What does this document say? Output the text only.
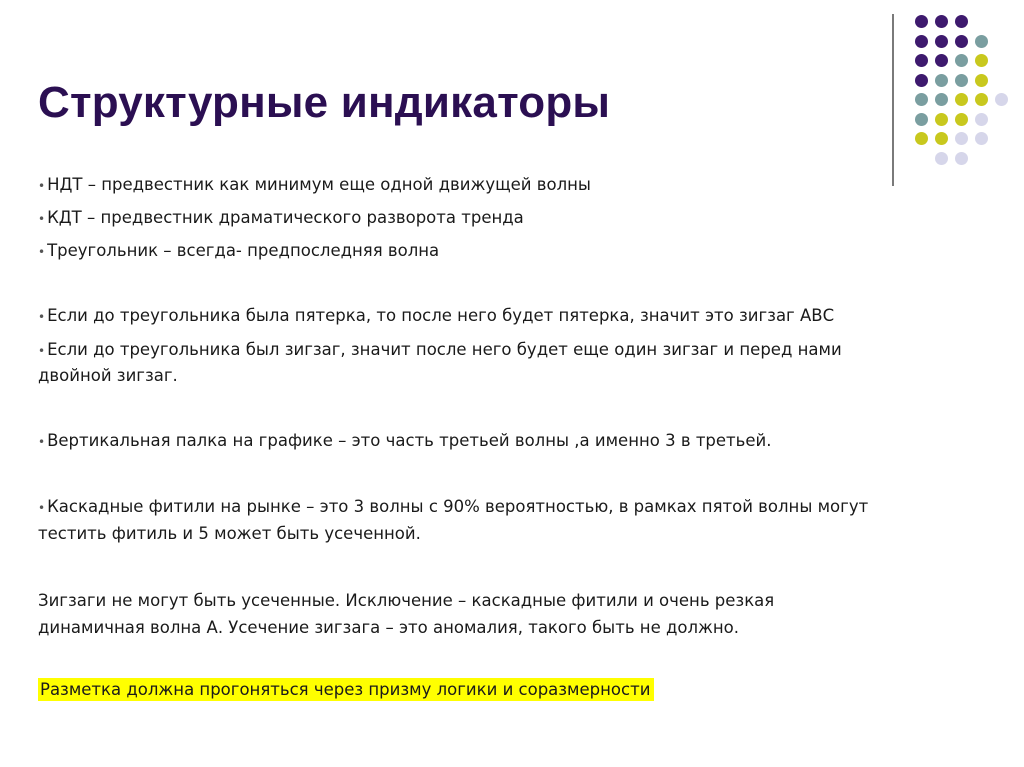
Структурные индикаторы
• НДТ – предвестник как минимум еще одной движущей волны
• КДТ – предвестник драматического разворота тренда
• Треугольник – всегда- предпоследняя волна
• Если до треугольника была пятерка, то после него будет пятерка, значит это зигзаг АВС
• Если до треугольника был зигзаг, значит после него будет еще один зигзаг и перед нами
двойной зигзаг.
• Вертикальная палка на графике – это часть третьей волны ,а именно 3 в третьей.
• Каскадные фитили на рынке – это 3 волны с 90% вероятностью, в рамках пятой волны могут
тестить фитиль и 5 может быть усеченной.
Зигзаги не могут быть усеченные. Исключение – каскадные фитили и очень резкая
динамичная волна А. Усечение зигзага – это аномалия, такого быть не должно.
Разметка должна прогоняться через призму логики и соразмерности
